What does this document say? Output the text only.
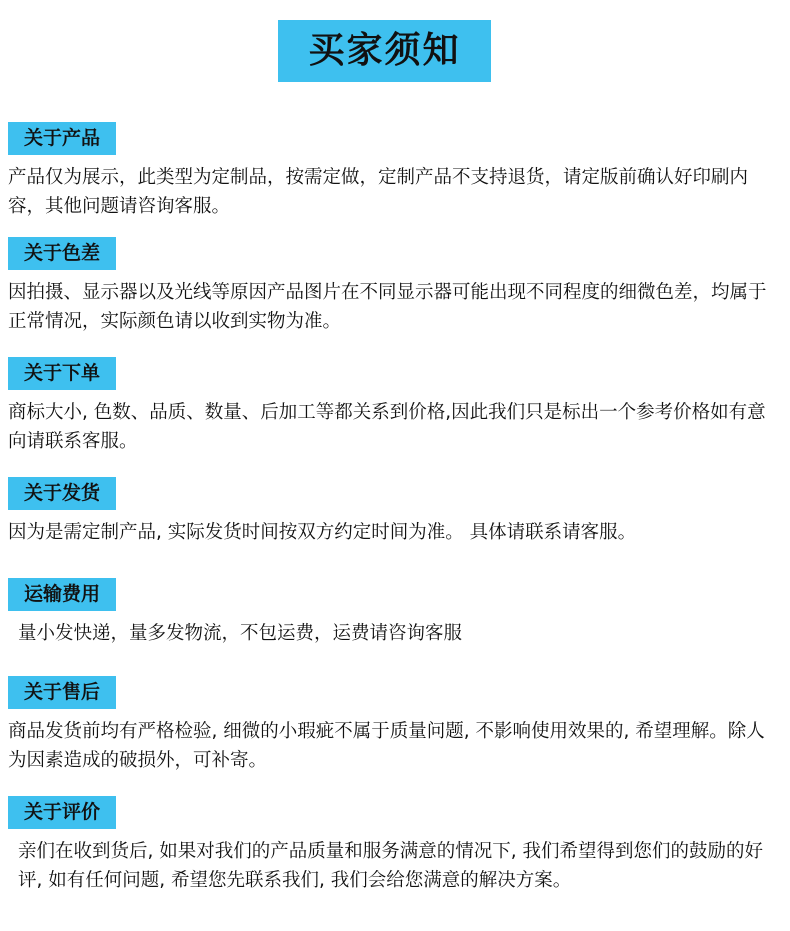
买家须知
关于产品
产品仅为展示，此类型为定制品，按需定做，定制产品不支持退货，请定版前确认好印刷内容，其他问题请咨询客服。
关于色差
因拍摄、显示器以及光线等原因产品图片在不同显示器可能出现不同程度的细微色差，均属于正常情况，实际颜色请以收到实物为准。
关于下单
商标大小, 色数、品质、数量、后加工等都关系到价格,因此我们只是标出一个参考价格如有意向请联系客服。
关于发货
因为是需定制产品, 实际发货时间按双方约定时间为准。 具体请联系请客服。
运输费用
量小发快递，量多发物流，不包运费，运费请咨询客服
关于售后
商品发货前均有严格检验, 细微的小瑕疵不属于质量问题, 不影响使用效果的, 希望理解。除人为因素造成的破损外，可补寄。
关于评价
亲们在收到货后, 如果对我们的产品质量和服务满意的情况下, 我们希望得到您们的鼓励的好评, 如有任何问题, 希望您先联系我们, 我们会给您满意的解决方案。
